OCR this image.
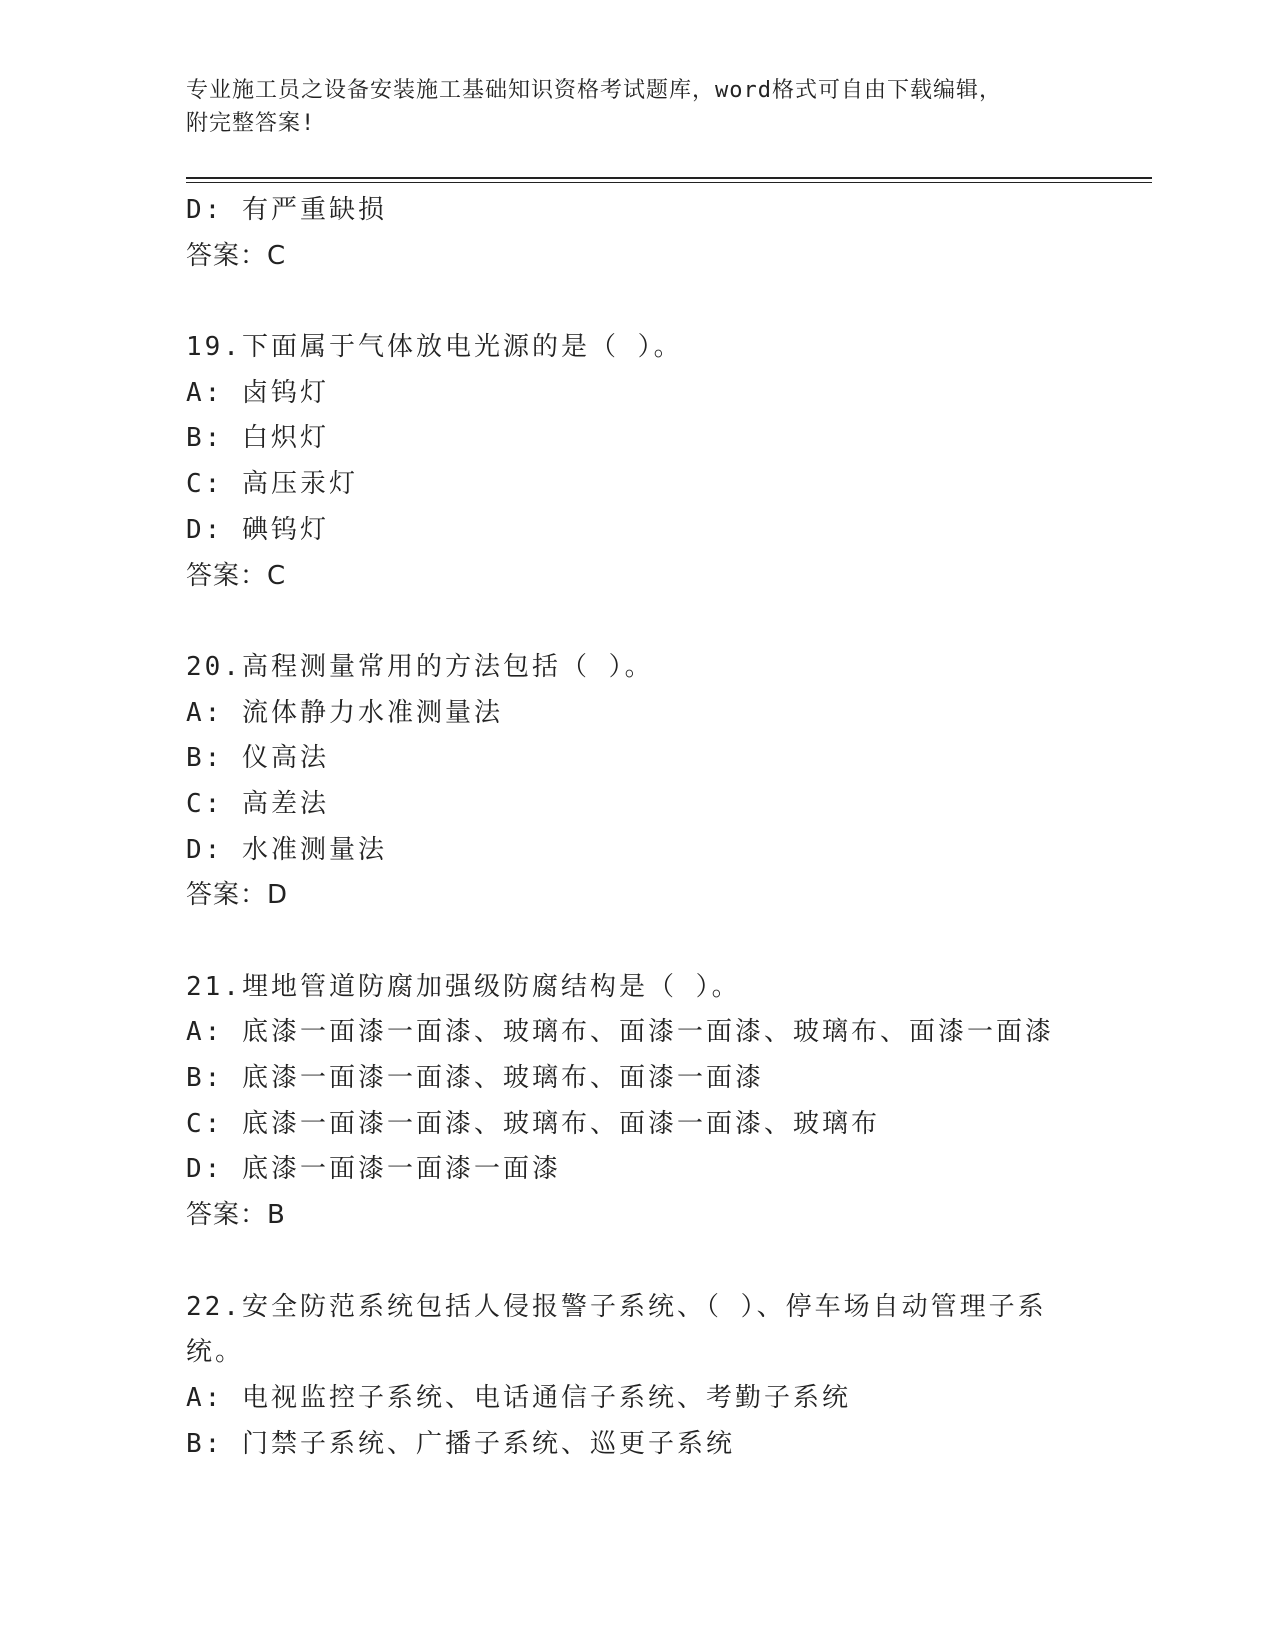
专业施工员之设备安装施工基础知识资格考试题库，word格式可自由下载编辑，
附完整答案!
D: 有严重缺损
答案：C
19.下面属于气体放电光源的是（ ）。
A: 卤钨灯
B: 白炽灯
C: 高压汞灯
D: 碘钨灯
答案：C
20.高程测量常用的方法包括（ ）。
A: 流体静力水准测量法
B: 仪高法
C: 高差法
D: 水准测量法
答案：D
21.埋地管道防腐加强级防腐结构是（ ）。
A: 底漆一面漆一面漆、玻璃布、面漆一面漆、玻璃布、面漆一面漆
B: 底漆一面漆一面漆、玻璃布、面漆一面漆
C: 底漆一面漆一面漆、玻璃布、面漆一面漆、玻璃布
D: 底漆一面漆一面漆一面漆
答案：B
22.安全防范系统包括人侵报警子系统、（ ）、停车场自动管理子系
统。
A: 电视监控子系统、电话通信子系统、考勤子系统
B: 门禁子系统、广播子系统、巡更子系统
